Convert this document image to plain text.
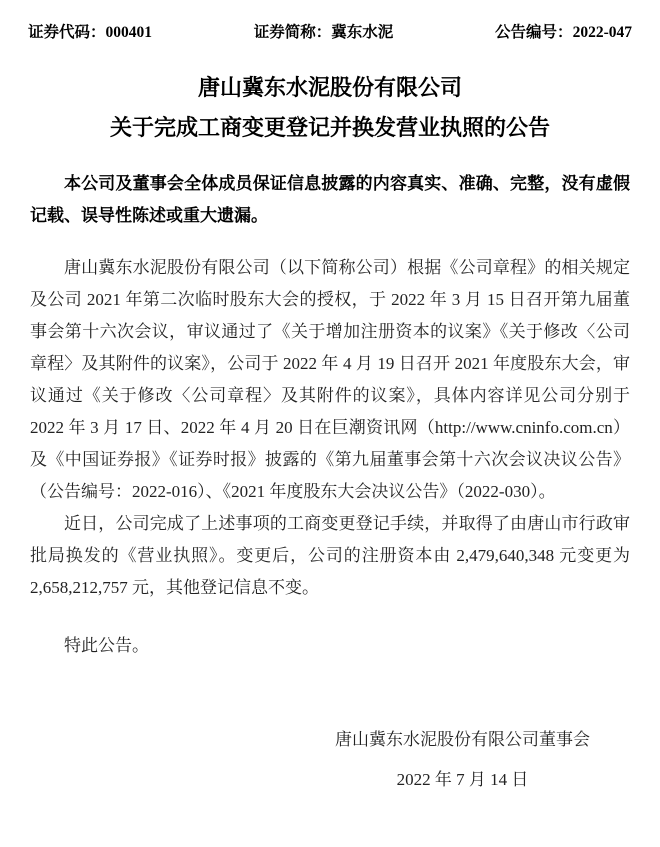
证券代码：000401	证券简称：冀东水泥	公告编号：2022-047
唐山冀东水泥股份有限公司
关于完成工商变更登记并换发营业执照的公告

本公司及董事会全体成员保证信息披露的内容真实、准确、完整，没有虚假记载、误导性陈述或重大遗漏。

唐山冀东水泥股份有限公司（以下简称公司）根据《公司章程》的相关规定及公司 2021 年第二次临时股东大会的授权，于 2022 年 3 月 15 日召开第九届董事会第十六次会议，审议通过了《关于增加注册资本的议案》《关于修改〈公司章程〉及其附件的议案》，公司于 2022 年 4 月 19 日召开 2021 年度股东大会，审议通过《关于修改〈公司章程〉及其附件的议案》，具体内容详见公司分别于 2022 年 3 月 17 日、2022 年 4 月 20 日在巨潮资讯网（http://www.cninfo.com.cn）及《中国证券报》《证券时报》披露的《第九届董事会第十六次会议决议公告》（公告编号：2022-016）、《2021 年度股东大会决议公告》（2022-030）。

近日，公司完成了上述事项的工商变更登记手续，并取得了由唐山市行政审批局换发的《营业执照》。变更后，公司的注册资本由 2,479,640,348 元变更为 2,658,212,757 元，其他登记信息不变。

特此公告。

唐山冀东水泥股份有限公司董事会
2022 年 7 月 14 日
